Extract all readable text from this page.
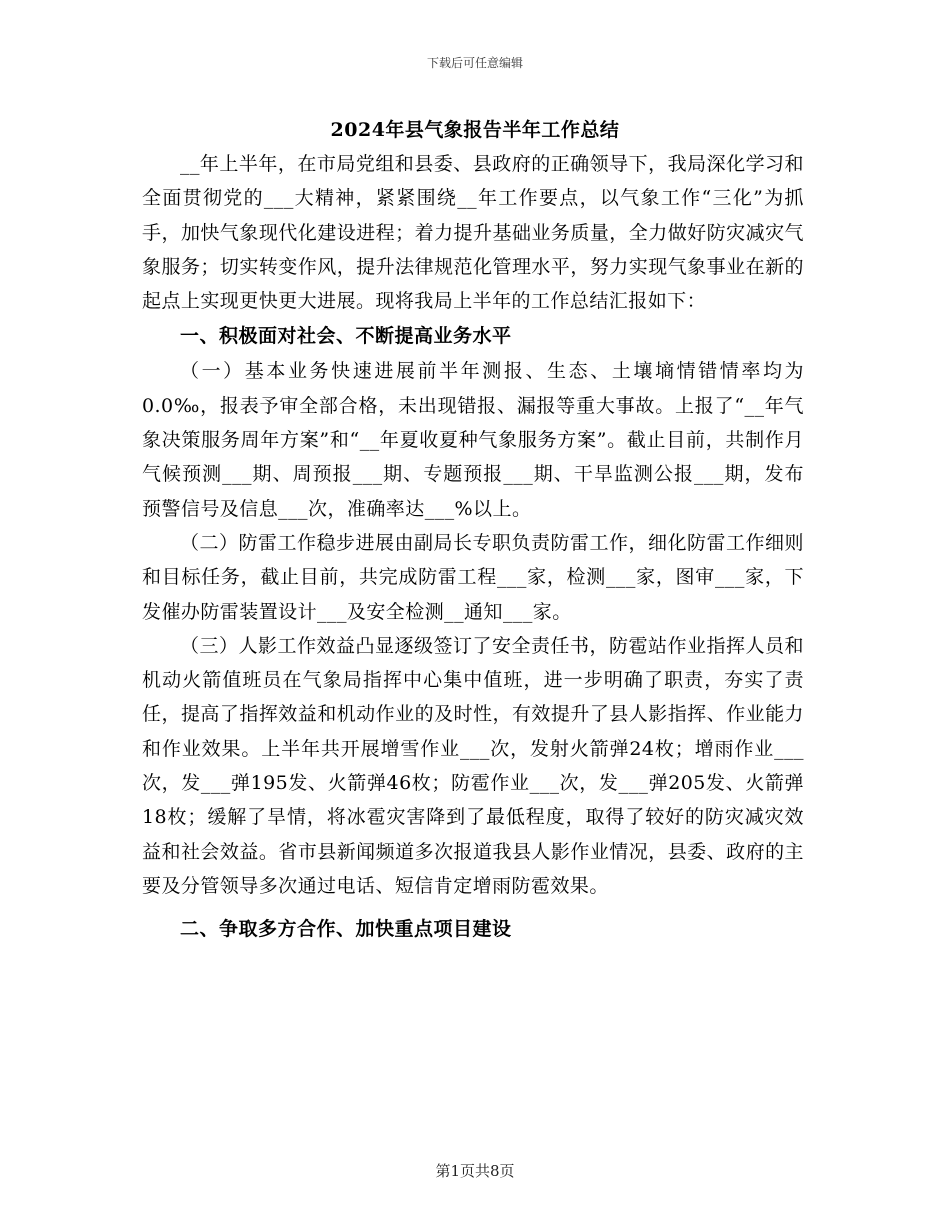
下载后可任意编辑
2024年县气象报告半年工作总结

__年上半年，在市局党组和县委、县政府的正确领导下，我局深化学习和全面贯彻党的___大精神，紧紧围绕__年工作要点，以气象工作“三化”为抓手，加快气象现代化建设进程；着力提升基础业务质量，全力做好防灾减灾气象服务；切实转变作风，提升法律规范化管理水平，努力实现气象事业在新的起点上实现更快更大进展。现将我局上半年的工作总结汇报如下：

一、积极面对社会、不断提高业务水平

（一）基本业务快速进展前半年测报、生态、土壤墒情错情率均为0.0‰，报表予审全部合格，未出现错报、漏报等重大事故。上报了“__年气象决策服务周年方案”和“__年夏收夏种气象服务方案”。截止目前，共制作月气候预测___期、周预报___期、专题预报___期、干旱监测公报___期，发布预警信号及信息___次，准确率达___%以上。

（二）防雷工作稳步进展由副局长专职负责防雷工作，细化防雷工作细则和目标任务，截止目前，共完成防雷工程___家，检测___家，图审___家，下发催办防雷装置设计___及安全检测__通知___家。

（三）人影工作效益凸显逐级签订了安全责任书，防雹站作业指挥人员和机动火箭值班员在气象局指挥中心集中值班，进一步明确了职责，夯实了责任，提高了指挥效益和机动作业的及时性，有效提升了县人影指挥、作业能力和作业效果。上半年共开展增雪作业___次，发射火箭弹24枚；增雨作业___次，发___弹195发、火箭弹46枚；防雹作业___次，发___弹205发、火箭弹18枚；缓解了旱情，将冰雹灾害降到了最低程度，取得了较好的防灾减灾效益和社会效益。省市县新闻频道多次报道我县人影作业情况，县委、政府的主要及分管领导多次通过电话、短信肯定增雨防雹效果。

二、争取多方合作、加快重点项目建设
第1页共8页
